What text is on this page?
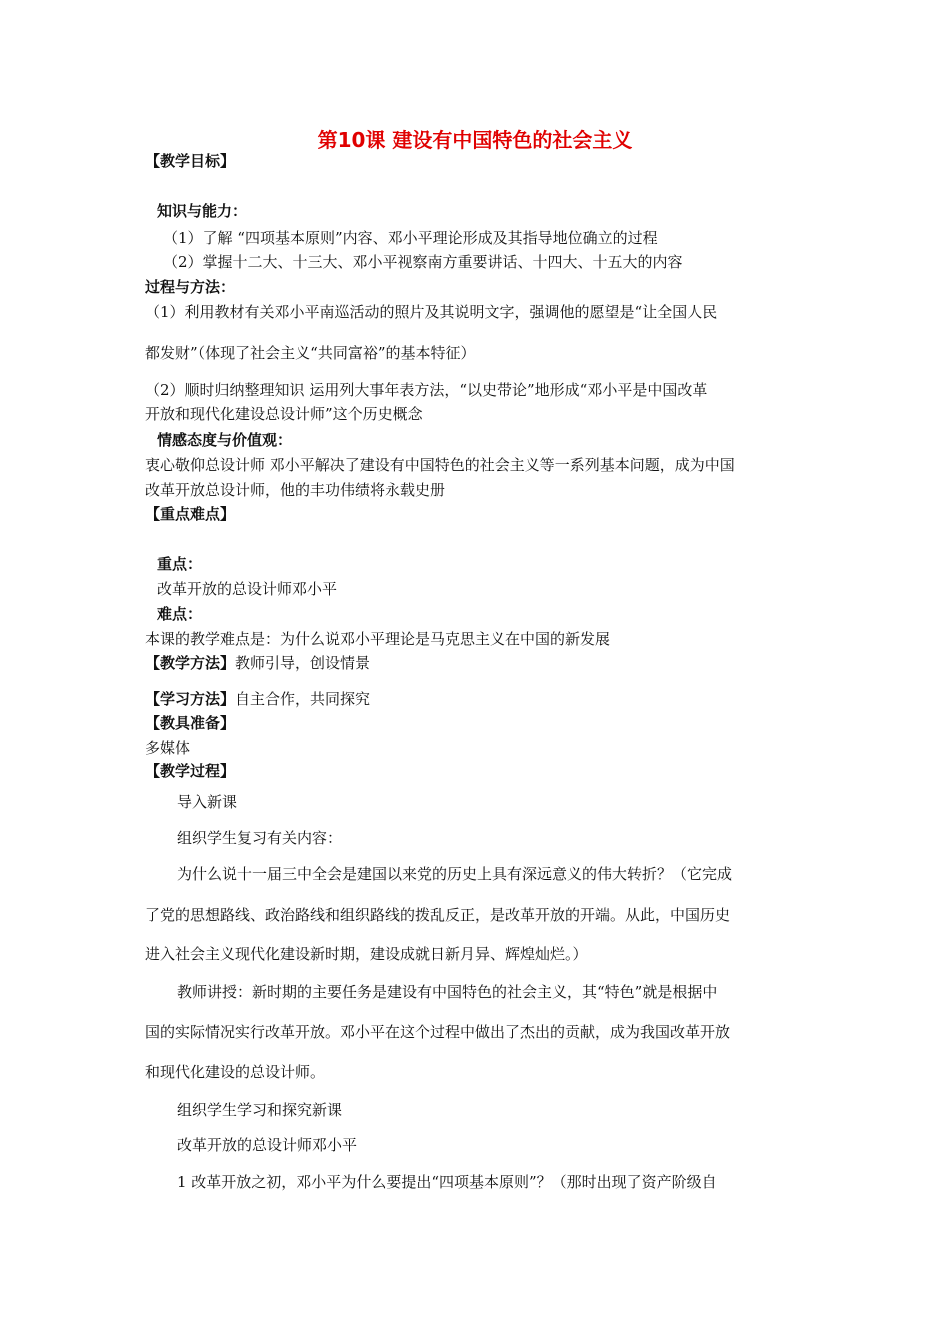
第10课 建设有中国特色的社会主义
【教学目标】
知识与能力：
（1）了解 “四项基本原则”内容、邓小平理论形成及其指导地位确立的过程
（2）掌握十二大、十三大、邓小平视察南方重要讲话、十四大、十五大的内容
过程与方法：
（1）利用教材有关邓小平南巡活动的照片及其说明文字，强调他的愿望是“让全国人民
都发财”（体现了社会主义“共同富裕”的基本特征）
（2）顺时归纳整理知识 运用列大事年表方法，“以史带论”地形成“邓小平是中国改革
开放和现代化建设总设计师”这个历史概念
情感态度与价值观：
衷心敬仰总设计师 邓小平解决了建设有中国特色的社会主义等一系列基本问题，成为中国
改革开放总设计师，他的丰功伟绩将永载史册
【重点难点】
重点：
改革开放的总设计师邓小平
难点：
本课的教学难点是：为什么说邓小平理论是马克思主义在中国的新发展
【教学方法】教师引导，创设情景
【学习方法】自主合作，共同探究
【教具准备】
多媒体
【教学过程】
导入新课
组织学生复习有关内容：
为什么说十一届三中全会是建国以来党的历史上具有深远意义的伟大转折？（它完成
了党的思想路线、政治路线和组织路线的拨乱反正，是改革开放的开端。从此，中国历史
进入社会主义现代化建设新时期，建设成就日新月异、辉煌灿烂。）
教师讲授：新时期的主要任务是建设有中国特色的社会主义，其“特色”就是根据中
国的实际情况实行改革开放。邓小平在这个过程中做出了杰出的贡献，成为我国改革开放
和现代化建设的总设计师。
组织学生学习和探究新课
改革开放的总设计师邓小平
1 改革开放之初，邓小平为什么要提出“四项基本原则”？（那时出现了资产阶级自
